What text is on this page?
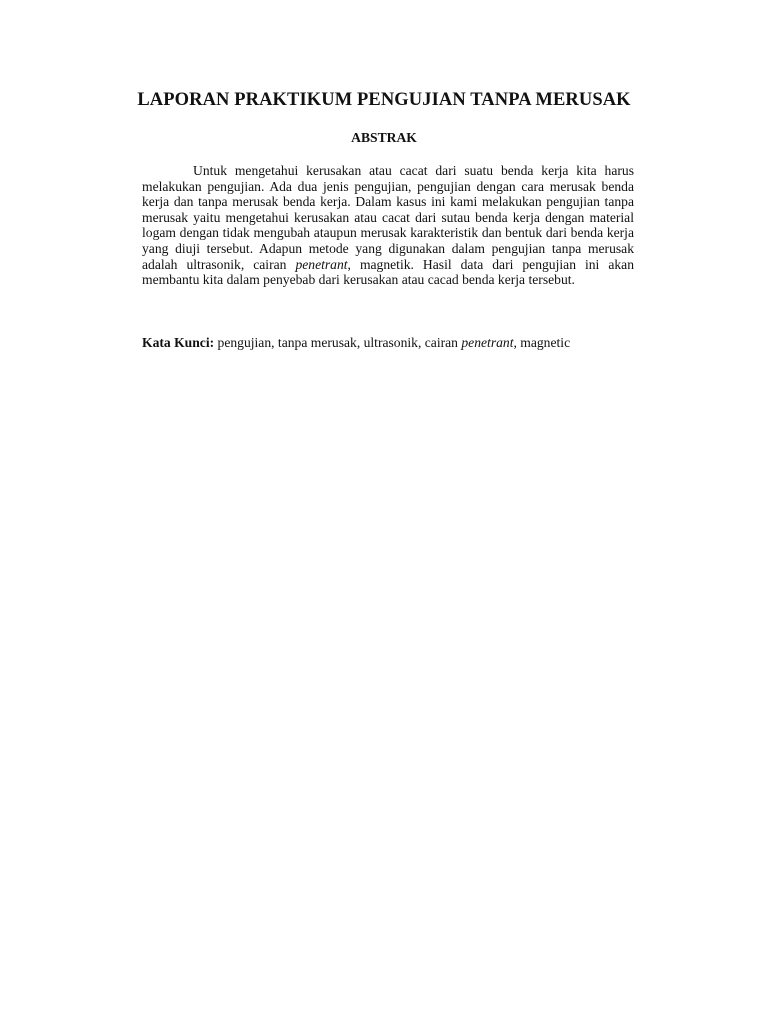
LAPORAN PRAKTIKUM PENGUJIAN TANPA MERUSAK
ABSTRAK

Untuk mengetahui kerusakan atau cacat dari suatu benda kerja kita harus melakukan pengujian. Ada dua jenis pengujian, pengujian dengan cara merusak benda kerja dan tanpa merusak benda kerja. Dalam kasus ini kami melakukan pengujian tanpa merusak yaitu mengetahui kerusakan atau cacat dari sutau benda kerja dengan material logam dengan tidak mengubah ataupun merusak karakteristik dan bentuk dari benda kerja yang diuji tersebut. Adapun metode yang digunakan dalam pengujian tanpa merusak adalah ultrasonik, cairan penetrant, magnetik. Hasil data dari pengujian ini akan membantu kita dalam penyebab dari kerusakan atau cacad benda kerja tersebut.

Kata Kunci: pengujian, tanpa merusak, ultrasonik, cairan penetrant, magnetic
